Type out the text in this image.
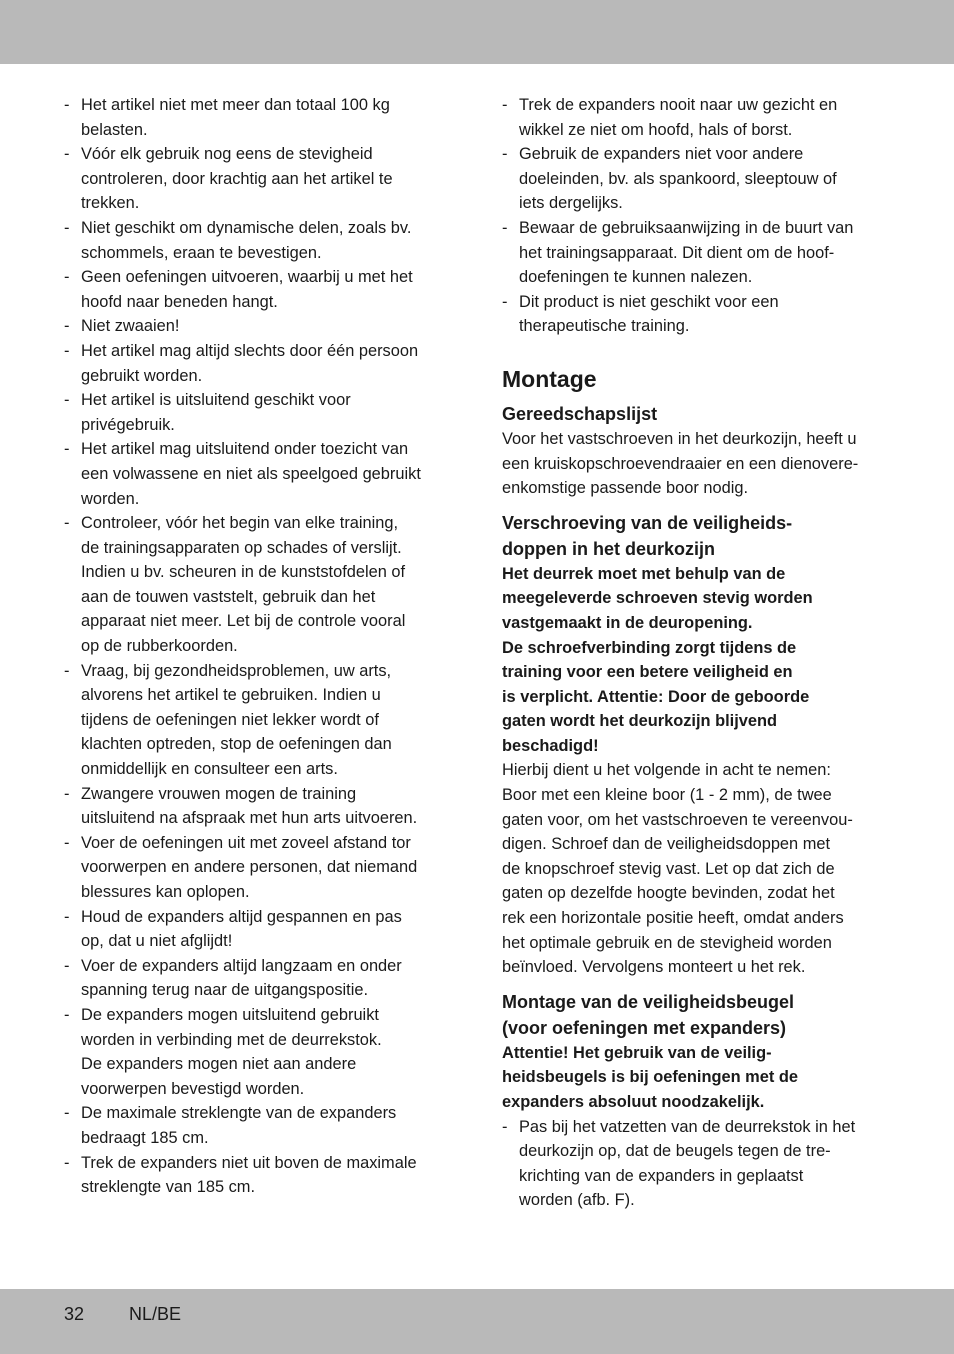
- Het artikel niet met meer dan totaal 100 kg
belasten.
- Vóór elk gebruik nog eens de stevigheid
controleren, door krachtig aan het artikel te
trekken.
- Niet geschikt om dynamische delen, zoals bv.
schommels, eraan te bevestigen.
- Geen oefeningen uitvoeren, waarbij u met het
hoofd naar beneden hangt.
- Niet zwaaien!
- Het artikel mag altijd slechts door één persoon
gebruikt worden.
- Het artikel is uitsluitend geschikt voor
privégebruik.
- Het artikel mag uitsluitend onder toezicht van
een volwassene en niet als speelgoed gebruikt
worden.
- Controleer, vóór het begin van elke training,
de trainingsapparaten op schades of verslijt.
Indien u bv. scheuren in de kunststofdelen of
aan de touwen vaststelt, gebruik dan het
apparaat niet meer. Let bij de controle vooral
op de rubberkoorden.
- Vraag, bij gezondheidsproblemen, uw arts,
alvorens het artikel te gebruiken. Indien u
tijdens de oefeningen niet lekker wordt of
klachten optreden, stop de oefeningen dan
onmiddellijk en consulteer een arts.
- Zwangere vrouwen mogen de training
uitsluitend na afspraak met hun arts uitvoeren.
- Voer de oefeningen uit met zoveel afstand tor
voorwerpen en andere personen, dat niemand
blessures kan oplopen.
- Houd de expanders altijd gespannen en pas
op, dat u niet afglijdt!
- Voer de expanders altijd langzaam en onder
spanning terug naar de uitgangspositie.
- De expanders mogen uitsluitend gebruikt
worden in verbinding met de deurrekstok.
De expanders mogen niet aan andere
voorwerpen bevestigd worden.
- De maximale streklengte van de expanders
bedraagt 185 cm.
- Trek de expanders niet uit boven de maximale
streklengte van 185 cm.
- Trek de expanders nooit naar uw gezicht en
wikkel ze niet om hoofd, hals of borst.
- Gebruik de expanders niet voor andere
doeleinden, bv. als spankoord, sleeptouw of
iets dergelijks.
- Bewaar de gebruiksaanwijzing in de buurt van
het trainingsapparaat. Dit dient om de hoof-
doefeningen te kunnen nalezen.
- Dit product is niet geschikt voor een
therapeutische training.
Montage
Gereedschapslijst

Voor het vastschroeven in het deurkozijn, heeft u
een kruiskopschroevendraaier en een dienovere-
enkomstige passende boor nodig.

Verschroeving van de veiligheids-
doppen in het deurkozijn

Het deurrek moet met behulp van de
meegeleverde schroeven stevig worden
vastgemaakt in de deuropening.
De schroefverbinding zorgt tijdens de
training voor een betere veiligheid en
is verplicht. Attentie: Door de geboorde
gaten wordt het deurkozijn blijvend
beschadigd!

Hierbij dient u het volgende in acht te nemen:
Boor met een kleine boor (1 - 2 mm), de twee
gaten voor, om het vastschroeven te vereenvou-
digen. Schroef dan de veiligheidsdoppen met
de knopschroef stevig vast. Let op dat zich de
gaten op dezelfde hoogte bevinden, zodat het
rek een horizontale positie heeft, omdat anders
het optimale gebruik en de stevigheid worden
beïnvloed. Vervolgens monteert u het rek.

Montage van de veiligheidsbeugel
(voor oefeningen met expanders)

Attentie! Het gebruik van de veilig-
heidsbeugels is bij oefeningen met de
expanders absoluut noodzakelijk.

- Pas bij het vatzetten van de deurrekstok in het
deurkozijn op, dat de beugels tegen de tre-
krichting van de expanders in geplaatst
worden (afb. F).
32 NL/BE
